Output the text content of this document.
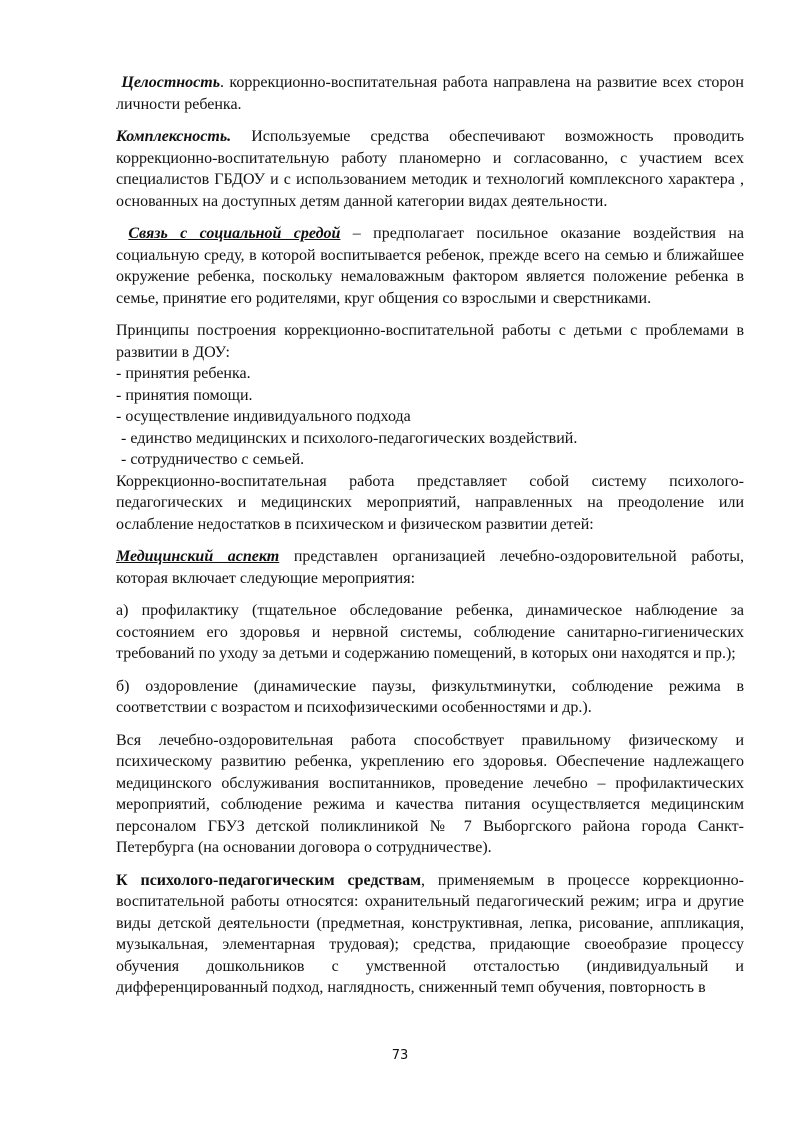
Целостность. коррекционно-воспитательная работа направлена на развитие всех сторон личности ребенка.

Комплексность. Используемые средства обеспечивают возможность проводить коррекционно-воспитательную работу планомерно и согласованно, с участием всех специалистов ГБДОУ и с использованием методик и технологий комплексного характера , основанных на доступных детям данной категории видах деятельности.

Связь с социальной средой – предполагает посильное оказание воздействия на социальную среду, в которой воспитывается ребенок, прежде всего на семью и ближайшее окружение ребенка, поскольку немаловажным фактором является положение ребенка в семье, принятие его родителями, круг общения со взрослыми и сверстниками.

Принципы построения коррекционно-воспитательной работы с детьми с проблемами в развитии в ДОУ:

- принятия ребенка.
- принятия помощи.
- осуществление индивидуального подхода
- единство медицинских и психолого-педагогических воздействий.
- сотрудничество с семьей.

Коррекционно-воспитательная работа представляет собой систему психолого-педагогических и медицинских мероприятий, направленных на преодоление или ослабление недостатков в психическом и физическом развитии детей:

Медицинский аспект представлен организацией лечебно-оздоровительной работы, которая включает следующие мероприятия:

а) профилактику (тщательное обследование ребенка, динамическое наблюдение за состоянием его здоровья и нервной системы, соблюдение санитарно-гигиенических требований по уходу за детьми и содержанию помещений, в которых они находятся и пр.);

б) оздоровление (динамические паузы, физкультминутки, соблюдение режима в соответствии с возрастом и психофизическими особенностями и др.).

Вся лечебно-оздоровительная работа способствует правильному физическому и психическому развитию ребенка, укреплению его здоровья. Обеспечение надлежащего медицинского обслуживания воспитанников, проведение лечебно – профилактических мероприятий, соблюдение режима и качества питания осуществляется медицинским персоналом ГБУЗ детской поликлиникой № 7 Выборгского района города Санкт-Петербурга (на основании договора о сотрудничестве).

К психолого-педагогическим средствам, применяемым в процессе коррекционно-воспитательной работы относятся: охранительный педагогический режим; игра и другие виды детской деятельности (предметная, конструктивная, лепка, рисование, аппликация, музыкальная, элементарная трудовая); средства, придающие своеобразие процессу обучения дошкольников с умственной отсталостью (индивидуальный и дифференцированный подход, наглядность, сниженный темп обучения, повторность в

73
